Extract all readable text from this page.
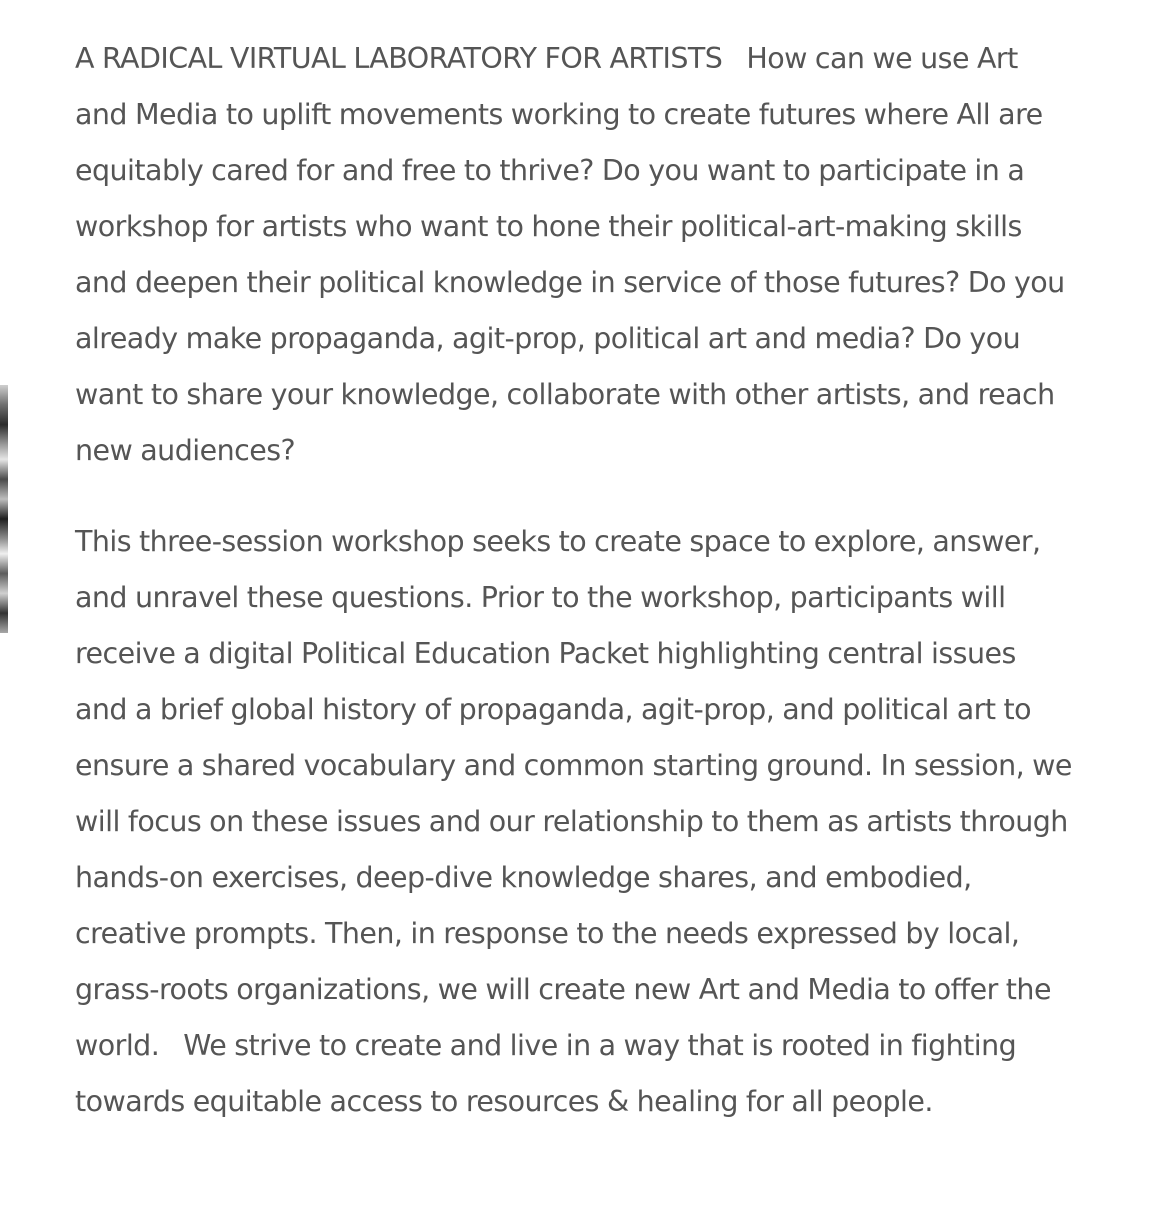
A RADICAL VIRTUAL LABORATORY FOR ARTISTS How can we use Art and Media to uplift movements working to create futures where All are equitably cared for and free to thrive? Do you want to participate in a workshop for artists who want to hone their political-art-making skills and deepen their political knowledge in service of those futures? Do you already make propaganda, agit-prop, political art and media? Do you want to share your knowledge, collaborate with other artists, and reach new audiences?

This three-session workshop seeks to create space to explore, answer, and unravel these questions. Prior to the workshop, participants will receive a digital Political Education Packet highlighting central issues and a brief global history of propaganda, agit-prop, and political art to ensure a shared vocabulary and common starting ground. In session, we will focus on these issues and our relationship to them as artists through hands-on exercises, deep-dive knowledge shares, and embodied, creative prompts. Then, in response to the needs expressed by local, grass-roots organizations, we will create new Art and Media to offer the world. We strive to create and live in a way that is rooted in fighting towards equitable access to resources & healing for all people.
